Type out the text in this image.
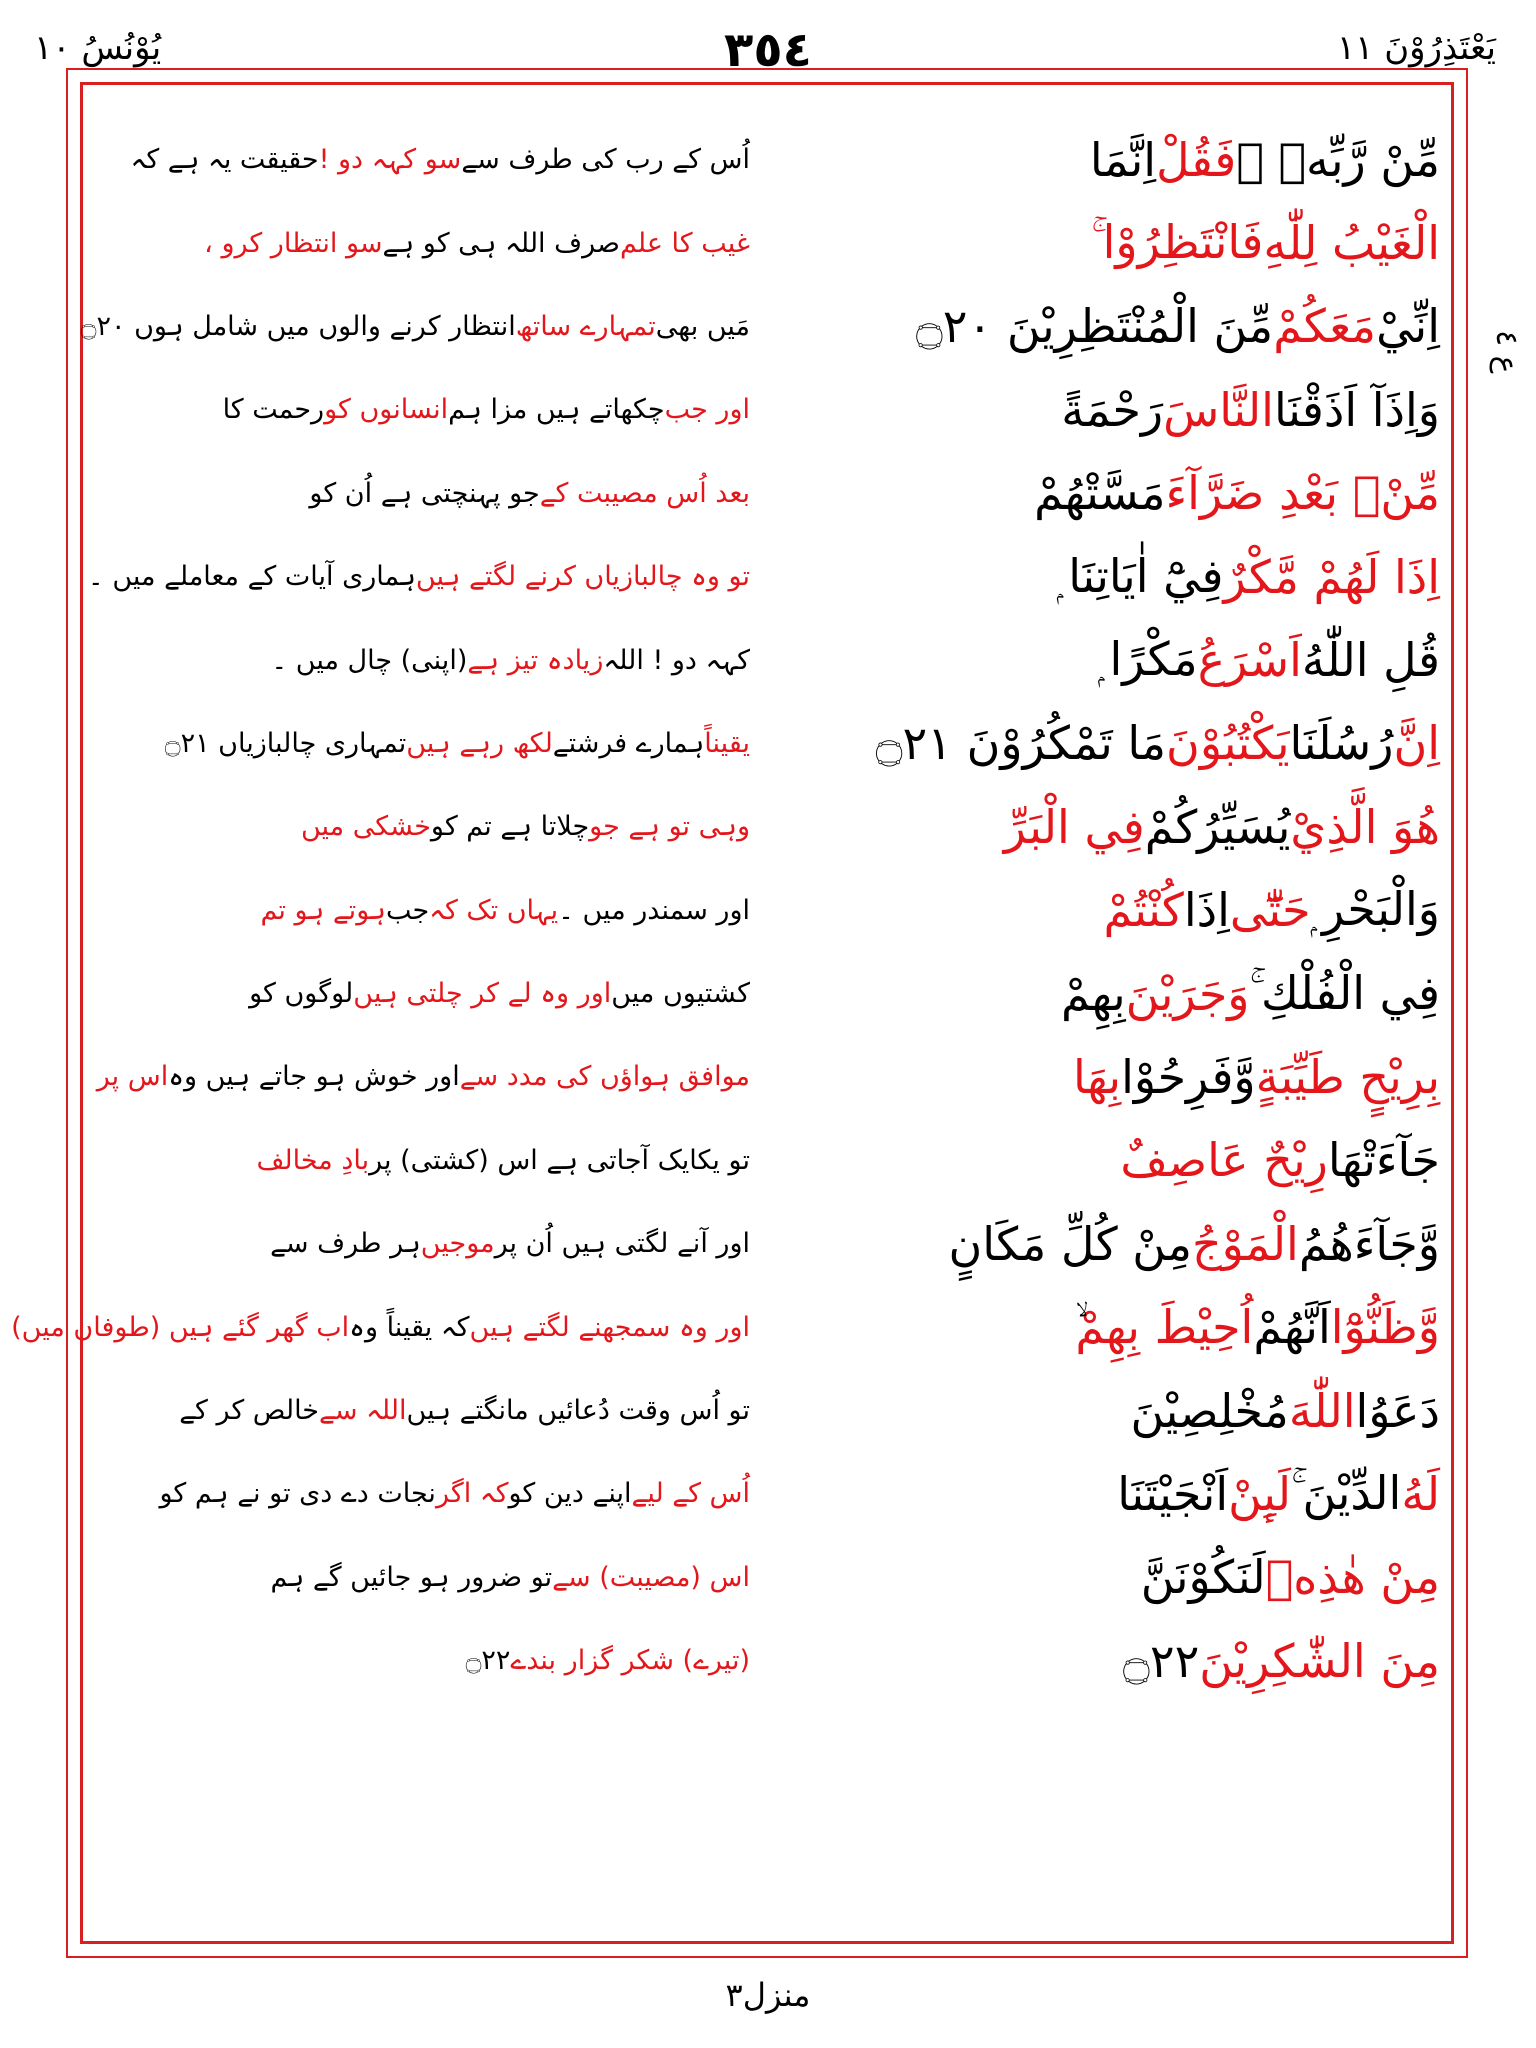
يَعْتَذِرُوْنَ ١١
٣٥٤
يُوْنُسُ ١٠
ع ٤
مِّنْ رَّبِّهٖ ۚ
فَقُلْ
اِنَّمَا
الْغَيْبُ لِلّٰهِ
فَانْتَظِرُوْا ۚ
اِنِّيْ
مَعَكُمْ
مِّنَ الْمُنْتَظِرِيْنَ ۝٢٠
وَاِذَآ اَذَقْنَا
النَّاسَ
رَحْمَةً
مِّنْۢ بَعْدِ ضَرَّآءَ
مَسَّتْهُمْ
اِذَا لَهُمْ مَّكْرٌ
فِيْٓ اٰيَاتِنَا ۭ
قُلِ اللّٰهُ
اَسْرَعُ
مَكْرًا ۭ
اِنَّ
رُسُلَنَا
يَكْتُبُوْنَ
مَا تَمْكُرُوْنَ ۝٢١
هُوَ الَّذِيْ
يُسَيِّرُكُمْ
فِي الْبَرِّ
وَالْبَحْرِ ۭ
حَتّٰٓى
اِذَا
كُنْتُمْ
فِي الْفُلْكِ ۚ
وَجَرَيْنَ
بِهِمْ
بِرِيْحٍ طَيِّبَةٍ
وَّفَرِحُوْا
بِهَا
جَآءَتْهَا
رِيْحٌ عَاصِفٌ
وَّجَآءَهُمُ
الْمَوْجُ
مِنْ كُلِّ مَكَانٍ
وَّظَنُّوْٓا
اَنَّهُمْ
اُحِيْطَ بِهِمْ
دَعَوُا
اللّٰهَ
مُخْلِصِيْنَ
لَهُ
الدِّيْنَ ۚ
لَىِٕنْ
اَنْجَيْتَنَا
مِنْ هٰذِهٖ
لَنَكُوْنَنَّ
مِنَ الشّٰكِرِيْنَ
۝٢٢
اُس کے رب کی طرف سے
سو کہہ دو !
حقیقت یہ ہے کہ
غیب کا علم
صرف اللہ ہی کو ہے
سو انتظار کرو ،
مَیں بھی
تمہارے ساتھ
انتظار کرنے والوں میں شامل ہوں ۝٢٠
اور جب
چکھاتے ہیں مزا ہم
انسانوں کو
رحمت کا
بعد اُس مصیبت کے
جو پہنچتی ہے اُن کو
تو وہ چالبازیاں کرنے لگتے ہیں
ہماری آیات کے معاملے میں ۔
کہہ دو ! اللہ
زیادہ تیز ہے
(اپنی) چال میں ۔
یقیناً
ہمارے فرشتے
لکھ رہے ہیں
تمہاری چالبازیاں ۝٢١
وہی تو ہے جو
چلاتا ہے تم کو
خشکی میں
اور سمندر میں ۔
یہاں تک کہ
جب
ہوتے ہو تم
کشتیوں میں
اور وہ لے کر چلتی ہیں
لوگوں کو
موافق ہواؤں کی مدد سے
اور خوش ہو جاتے ہیں وہ
اس پر
تو یکایک آجاتی ہے اس (کشتی) پر
بادِ مخالف
اور آنے لگتی ہیں اُن پر
موجیں
ہر طرف سے
اور وہ سمجھنے لگتے ہیں
کہ یقیناً وہ
اب گھر گئے ہیں (طوفان میں)
تو اُس وقت دُعائیں مانگتے ہیں
اللہ سے
خالص کر کے
اُس کے لیے
اپنے دین کو
کہ اگر
نجات دے دی تو نے ہم کو
اس (مصیبت) سے
تو ضرور ہو جائیں گے ہم
(تیرے) شکر گزار بندے
۝٢٢
منزل٣
